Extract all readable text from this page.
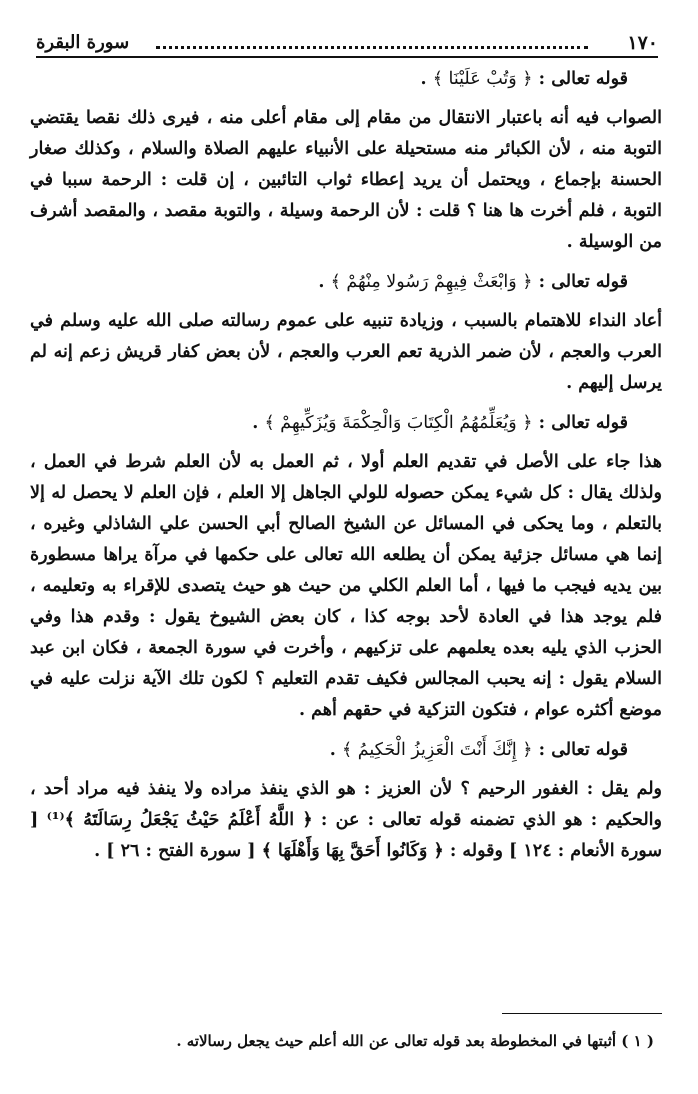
١٧٠
سورة البقرة

قوله تعالى : ﴿ وَتُبْ عَلَيْنَا ﴾ .

الصواب فيه أنه باعتبار الانتقال من مقام إلى مقام أعلى منه ، فيرى ذلك نقصا يقتضي التوبة منه ، لأن الكبائر منه مستحيلة على الأنبياء عليهم الصلاة والسلام ، وكذلك صغار الحسنة بإجماع ، ويحتمل أن يريد إعطاء ثواب التائبين ، إن قلت : الرحمة سببا في التوبة ، فلم أخرت ها هنا ؟ قلت : لأن الرحمة وسيلة ، والتوبة مقصد ، والمقصد أشرف من الوسيلة .

قوله تعالى : ﴿ وَابْعَثْ فِيهِمْ رَسُولا مِنْهُمْ ﴾ .

أعاد النداء للاهتمام بالسبب ، وزيادة تنبيه على عموم رسالته صلى الله عليه وسلم في العرب والعجم ، لأن ضمر الذرية تعم العرب والعجم ، لأن بعض كفار قريش زعم إنه لم يرسل إليهم .

قوله تعالى : ﴿ وَيُعَلِّمُهُمُ الْكِتَابَ وَالْحِكْمَةَ وَيُزَكِّيهِمْ ﴾ .

هذا جاء على الأصل في تقديم العلم أولا ، ثم العمل به لأن العلم شرط في العمل ، ولذلك يقال : كل شيء يمكن حصوله للولي الجاهل إلا العلم ، فإن العلم لا يحصل له إلا بالتعلم ، وما يحكى في المسائل عن الشيخ الصالح أبي الحسن علي الشاذلي وغيره ، إنما هي مسائل جزئية يمكن أن يطلعه الله تعالى على حكمها في مرآة يراها مسطورة بين يديه فيجب ما فيها ، أما العلم الكلي من حيث هو حيث يتصدى للإقراء به وتعليمه ، فلم يوجد هذا في العادة لأحد بوجه كذا ، كان بعض الشيوخ يقول : وقدم هذا وفي الحزب الذي يليه بعده يعلمهم على تزكيهم ، وأخرت في سورة الجمعة ، فكان ابن عبد السلام يقول : إنه يحبب المجالس فكيف تقدم التعليم ؟ لكون تلك الآية نزلت عليه في موضع أكثره عوام ، فتكون التزكية في حقهم أهم .

قوله تعالى : ﴿ إِنَّكَ أَنْتَ الْعَزِيزُ الْحَكِيمُ ﴾ .

ولم يقل : الغفور الرحيم ؟ لأن العزيز : هو الذي ينفذ مراده ولا ينفذ فيه مراد أحد ، والحكيم : هو الذي تضمنه قوله تعالى : عن : ﴿ اللَّهُ أَعْلَمُ حَيْثُ يَجْعَلُ رِسَالَتَهُ ﴾⁽¹⁾ [ سورة الأنعام : ١٢٤ ] وقوله : ﴿ وَكَانُوا أَحَقَّ بِهَا وَأَهْلَهَا ﴾ [ سورة الفتح : ٢٦ ] .

( ١ ) أثبتها في المخطوطة بعد قوله تعالى عن الله أعلم حيث يجعل رسالاته .
